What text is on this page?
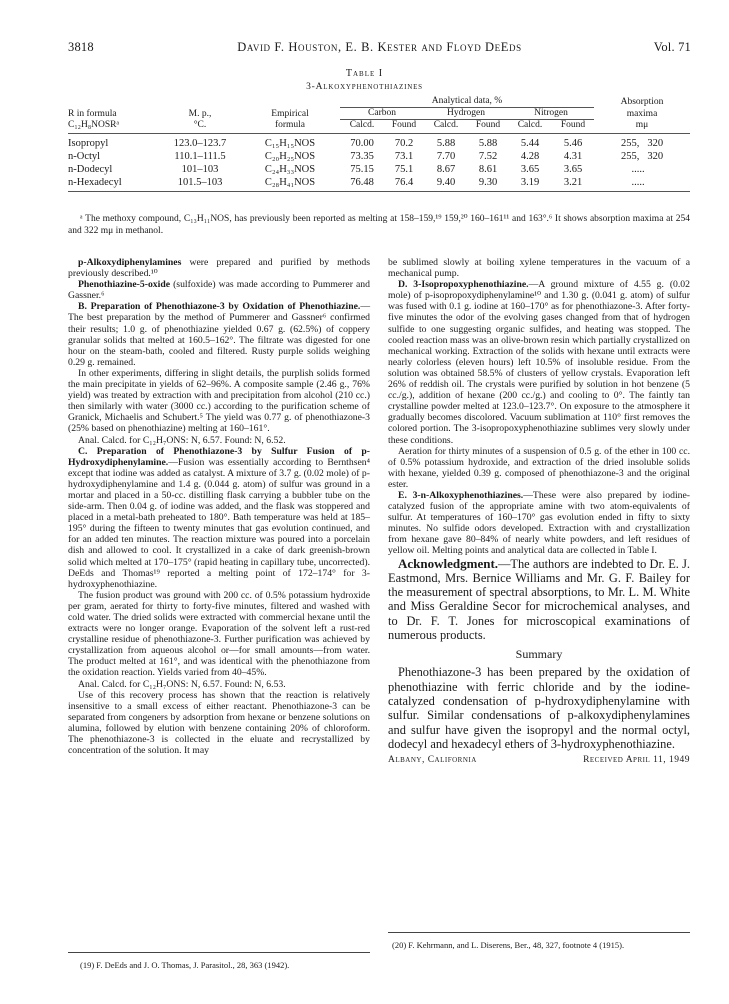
3818	David F. Houston, E. B. Kester and Floyd DeEds	Vol. 71
Table I
3-Alkoxyphenothiazines
			Analytical data, %						Absorption
R in formula	M. p.,	Empirical	Carbon		Hydrogen		Nitrogen		maxima
C₁₂H₈NOSRᵃ	°C.	formula	Calcd.	Found	Calcd.	Found	Calcd.	Found	mμ
Isopropyl	123.0–123.7	C₁₅H₁₅NOS	70.00	70.2	5.88	5.88	5.44	5.46	255, 320
n-Octyl	110.1–111.5	C₂₀H₂₅NOS	73.35	73.1	7.70	7.52	4.28	4.31	255, 320
n-Dodecyl	101–103	C₂₄H₃₃NOS	75.15	75.1	8.67	8.61	3.65	3.65	.....
n-Hexadecyl	101.5–103	C₂₈H₄₁NOS	76.48	76.4	9.40	9.30	3.19	3.21	.....
ᵃ The methoxy compound, C₁₃H₁₁NOS, has previously been reported as melting at 158–159,¹⁹ 159,²⁰ 160–161¹¹ and 163°.⁶ It shows absorption maxima at 254 and 322 mμ in methanol.

p-Alkoxydiphenylamines were prepared and purified by methods previously described.¹⁰

Phenothiazine-5-oxide (sulfoxide) was made according to Pummerer and Gassner.⁶

B. Preparation of Phenothiazone-3 by Oxidation of Phenothiazine.—The best preparation by the method of Pummerer and Gassner⁶ confirmed their results; 1.0 g. of phenothiazine yielded 0.67 g. (62.5%) of coppery granular solids that melted at 160.5–162°. The filtrate was digested for one hour on the steam-bath, cooled and filtered. Rusty purple solids weighing 0.29 g. remained.

In other experiments, differing in slight details, the purplish solids formed the main precipitate in yields of 62–96%. A composite sample (2.46 g., 76% yield) was treated by extraction with and precipitation from alcohol (210 cc.) then similarly with water (3000 cc.) according to the purification scheme of Granick, Michaelis and Schubert.⁵ The yield was 0.77 g. of phenothiazone-3 (25% based on phenothiazine) melting at 160–161°.

Anal. Calcd. for C₁₂H₇ONS: N, 6.57. Found: N, 6.52.

C. Preparation of Phenothiazone-3 by Sulfur Fusion of p-Hydroxydiphenylamine.—Fusion was essentially according to Bernthsen⁴ except that iodine was added as catalyst. A mixture of 3.7 g. (0.02 mole) of p-hydroxydiphenylamine and 1.4 g. (0.044 g. atom) of sulfur was ground in a mortar and placed in a 50-cc. distilling flask carrying a bubbler tube on the side-arm. Then 0.04 g. of iodine was added, and the flask was stoppered and placed in a metal-bath preheated to 180°. Bath temperature was held at 185–195° during the fifteen to twenty minutes that gas evolution continued, and for an added ten minutes. The reaction mixture was poured into a porcelain dish and allowed to cool. It crystallized in a cake of dark greenish-brown solid which melted at 170–175° (rapid heating in capillary tube, uncorrected). DeEds and Thomas¹⁹ reported a melting point of 172–174° for 3-hydroxyphenothiazine.

The fusion product was ground with 200 cc. of 0.5% potassium hydroxide per gram, aerated for thirty to forty-five minutes, filtered and washed with cold water. The dried solids were extracted with commercial hexane until the extracts were no longer orange. Evaporation of the solvent left a rust-red crystalline residue of phenothiazone-3. Further purification was achieved by crystallization from aqueous alcohol or—for small amounts—from water. The product melted at 161°, and was identical with the phenothiazone from the oxidation reaction. Yields varied from 40–45%.

Anal. Calcd. for C₁₂H₇ONS: N, 6.57. Found: N, 6.53.

Use of this recovery process has shown that the reaction is relatively insensitive to a small excess of either reactant. Phenothiazone-3 can be separated from congeners by adsorption from hexane or benzene solutions on alumina, followed by elution with benzene containing 20% of chloroform. The phenothiazone-3 is collected in the eluate and recrystallized by concentration of the solution. It may

be sublimed slowly at boiling xylene temperatures in the vacuum of a mechanical pump.

D. 3-Isopropoxyphenothiazine.—A ground mixture of 4.55 g. (0.02 mole) of p-isopropoxydiphenylamine¹⁰ and 1.30 g. (0.041 g. atom) of sulfur was fused with 0.1 g. iodine at 160–170° as for phenothiazone-3. After forty-five minutes the odor of the evolving gases changed from that of hydrogen sulfide to one suggesting organic sulfides, and heating was stopped. The cooled reaction mass was an olive-brown resin which partially crystallized on mechanical working. Extraction of the solids with hexane until extracts were nearly colorless (eleven hours) left 10.5% of insoluble residue. From the solution was obtained 58.5% of clusters of yellow crystals. Evaporation left 26% of reddish oil. The crystals were purified by solution in hot benzene (5 cc./g.), addition of hexane (200 cc./g.) and cooling to 0°. The faintly tan crystalline powder melted at 123.0–123.7°. On exposure to the atmosphere it gradually becomes discolored. Vacuum sublimation at 110° first removes the colored portion. The 3-isopropoxyphenothiazine sublimes very slowly under these conditions.

Aeration for thirty minutes of a suspension of 0.5 g. of the ether in 100 cc. of 0.5% potassium hydroxide, and extraction of the dried insoluble solids with hexane, yielded 0.39 g. composed of phenothiazone-3 and the original ester.

E. 3-n-Alkoxyphenothiazines.—These were also prepared by iodine-catalyzed fusion of the appropriate amine with two atom-equivalents of sulfur. At temperatures of 160–170° gas evolution ended in fifty to sixty minutes. No sulfide odors developed. Extraction with and crystallization from hexane gave 80–84% of nearly white powders, and left residues of yellow oil. Melting points and analytical data are collected in Table I.

Acknowledgment.—The authors are indebted to Dr. E. J. Eastmond, Mrs. Bernice Williams and Mr. G. F. Bailey for the measurement of spectral absorptions, to Mr. L. M. White and Miss Geraldine Secor for microchemical analyses, and to Dr. F. T. Jones for microscopical examinations of numerous products.

Summary

Phenothiazone-3 has been prepared by the oxidation of phenothiazine with ferric chloride and by the iodine-catalyzed condensation of p-hydroxydiphenylamine with sulfur. Similar condensations of p-alkoxydiphenylamines and sulfur have given the isopropyl and the normal octyl, dodecyl and hexadecyl ethers of 3-hydroxyphenothiazine.

Albany, California	Received April 11, 1949
(19) F. DeEds and J. O. Thomas, J. Parasitol., 28, 363 (1942).
(20) F. Kehrmann, and L. Diserens, Ber., 48, 327, footnote 4 (1915).
